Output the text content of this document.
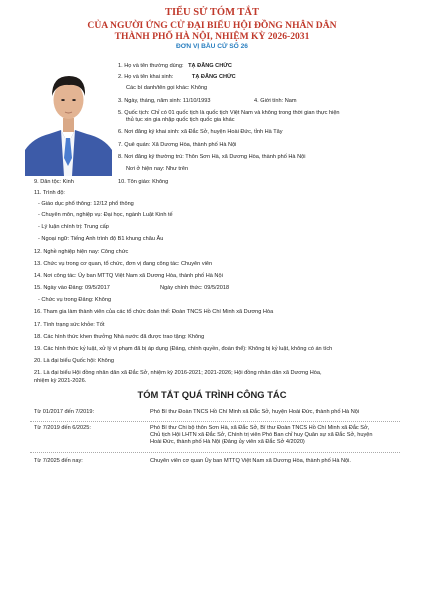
TIỂU SỬ TÓM TẮT
CỦA NGƯỜI ỨNG CỬ ĐẠI BIỂU HỘI ĐỒNG NHÂN DÂN
THÀNH PHỐ HÀ NỘI, NHIỆM KỲ 2026-2031
ĐƠN VỊ BẦU CỬ SỐ 26
1. Họ và tên thường dùng: TẠ ĐĂNG CHỨC
2. Họ và tên khai sinh:	TẠ ĐĂNG CHỨC
Các bí danh/tên gọi khác: Không
3. Ngày, tháng, năm sinh: 11/10/1993	4. Giới tính: Nam
5. Quốc tịch: Chỉ có 01 quốc tịch là quốc tịch Việt Nam và không trong thời gian thực hiện
thủ tục xin gia nhập quốc tịch quốc gia khác
6. Nơi đăng ký khai sinh: xã Đắc Sở, huyện Hoài Đức, tỉnh Hà Tây
7. Quê quán: Xã Dương Hòa, thành phố Hà Nội
8. Nơi đăng ký thường trú: Thôn Sơn Hà, xã Dương Hòa, thành phố Hà Nội
Nơi ở hiện nay: Như trên
9. Dân tộc: Kinh	10. Tôn giáo: Không
11. Trình độ:
- Giáo dục phổ thông: 12/12 phổ thông
- Chuyên môn, nghiệp vụ: Đại học, ngành Luật Kinh tế
- Lý luận chính trị: Trung cấp
- Ngoại ngữ: Tiếng Anh trình độ B1 khung châu Âu
12. Nghề nghiệp hiện nay: Công chức
13. Chức vụ trong cơ quan, tổ chức, đơn vị đang công tác: Chuyên viên
14. Nơi công tác: Ủy ban MTTQ Việt Nam xã Dương Hòa, thành phố Hà Nội
15. Ngày vào Đảng: 09/5/2017	Ngày chính thức: 09/5/2018
- Chức vụ trong Đảng: Không
16. Tham gia làm thành viên của các tổ chức đoàn thể: Đoàn TNCS Hồ Chí Minh xã Dương Hòa
17. Tình trạng sức khỏe: Tốt
18. Các hình thức khen thưởng Nhà nước đã được trao tặng: Không
19. Các hình thức kỷ luật, xử lý vi phạm đã bị áp dụng (Đảng, chính quyền, đoàn thể): Không bị kỷ luật, không có án tích
20. Là đại biểu Quốc hội: Không
21. Là đại biểu Hội đồng nhân dân xã Đắc Sở, nhiệm kỳ 2016-2021; 2021-2026; Hội đồng nhân dân xã Dương Hòa,
nhiệm kỳ 2021-2026.
TÓM TẮT QUÁ TRÌNH CÔNG TÁC
Từ 01/2017 đến 7/2019:	Phó Bí thư Đoàn TNCS Hồ Chí Minh xã Đắc Sở, huyện Hoài Đức, thành phố Hà Nội
Từ 7/2019 đến 6/2025:	Phó Bí thư Chi bộ thôn Sơn Hà, xã Đắc Sở, Bí thư Đoàn TNCS Hồ Chí Minh xã Đắc Sở,
Chủ tịch Hội LHTN xã Đắc Sở, Chính trị viên Phó Ban chỉ huy Quân sự xã Đắc Sở, huyện
Hoài Đức, thành phố Hà Nội (Đảng ủy viên xã Đắc Sở 4/2020)
Từ 7/2025 đến nay:	Chuyên viên cơ quan Ủy ban MTTQ Việt Nam xã Dương Hòa, thành phố Hà Nội.
